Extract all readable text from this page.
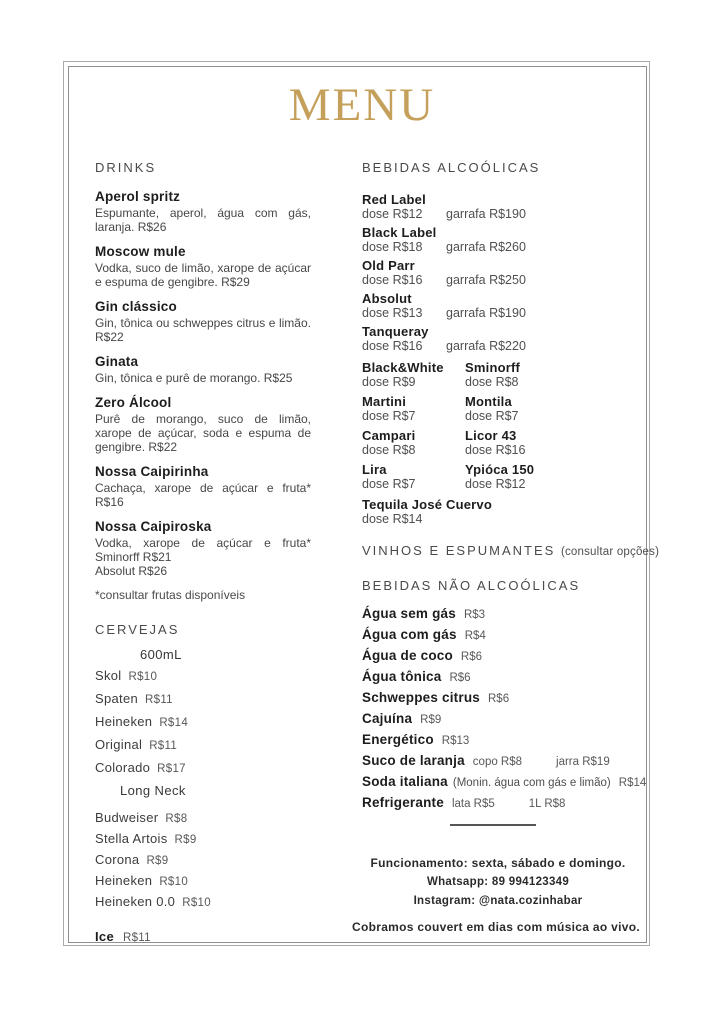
MENU
DRINKS
Aperol spritz
Espumante, aperol, água com gás, laranja. R$26
Moscow mule
Vodka, suco de limão, xarope de açúcar e espuma de gengibre. R$29
Gin clássico
Gin, tônica ou schweppes citrus e limão. R$22
Ginata
Gin, tônica e purê de morango. R$25
Zero Álcool
Purê de morango, suco de limão, xarope de açúcar, soda e espuma de gengibre. R$22
Nossa Caipirinha
Cachaça, xarope de açúcar e fruta*
R$16
Nossa Caipiroska
Vodka, xarope de açúcar e fruta*
Sminorff R$21
Absolut R$26
*consultar frutas disponíveis
CERVEJAS
600mL
Skol R$10
Spaten R$11
Heineken R$14
Original R$11
Colorado R$17
Long Neck
Budweiser R$8
Stella Artois R$9
Corona R$9
Heineken R$10
Heineken 0.0 R$10
Ice R$11
BEBIDAS ALCOÓLICAS
Red Label
dose R$12	garrafa R$190
Black Label
dose R$18	garrafa R$260
Old Parr
dose R$16	garrafa R$250
Absolut
dose R$13	garrafa R$190
Tanqueray
dose R$16	garrafa R$220
Black&White
dose R$9
Sminorff
dose R$8
Martini
dose R$7
Montila
dose R$7
Campari
dose R$8
Licor 43
dose R$16
Lira
dose R$7
Ypióca 150
dose R$12
Tequila José Cuervo
dose R$14
VINHOS E ESPUMANTES (consultar opções)
BEBIDAS NÃO ALCOÓLICAS
Água sem gás R$3
Água com gás R$4
Água de coco R$6
Água tônica R$6
Schweppes citrus R$6
Cajuína R$9
Energético R$13
Suco de laranja copo R$8	jarra R$19
Soda italiana (Monin. água com gás e limão) R$14
Refrigerante lata R$5	1L R$8
Funcionamento: sexta, sábado e domingo.
Whatsapp: 89 994123349
Instagram: @nata.cozinhabar
Cobramos couvert em dias com música ao vivo.
